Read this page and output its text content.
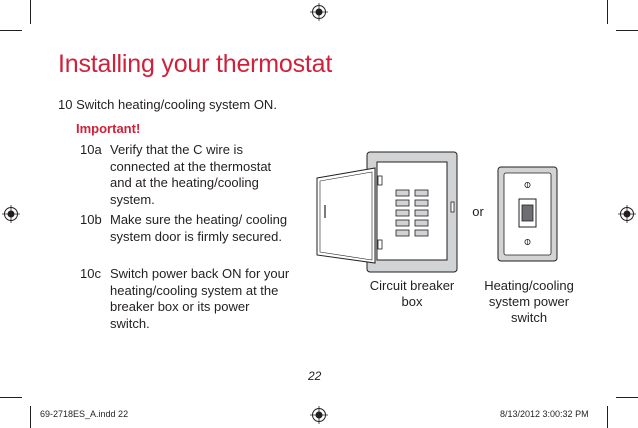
Installing your thermostat
10 Switch heating/cooling system ON.
Important!
10a Verify that the C wire is connected at the thermostat and at the heating/cooling system.
10b Make sure the heating/ cooling system door is firmly secured.
10c Switch power back ON for your heating/cooling system at the breaker box or its power switch.
or
Circuit breaker
box
Heating/cooling
system power
switch
22
69-2718ES_A.indd 22	8/13/2012 3:00:32 PM
